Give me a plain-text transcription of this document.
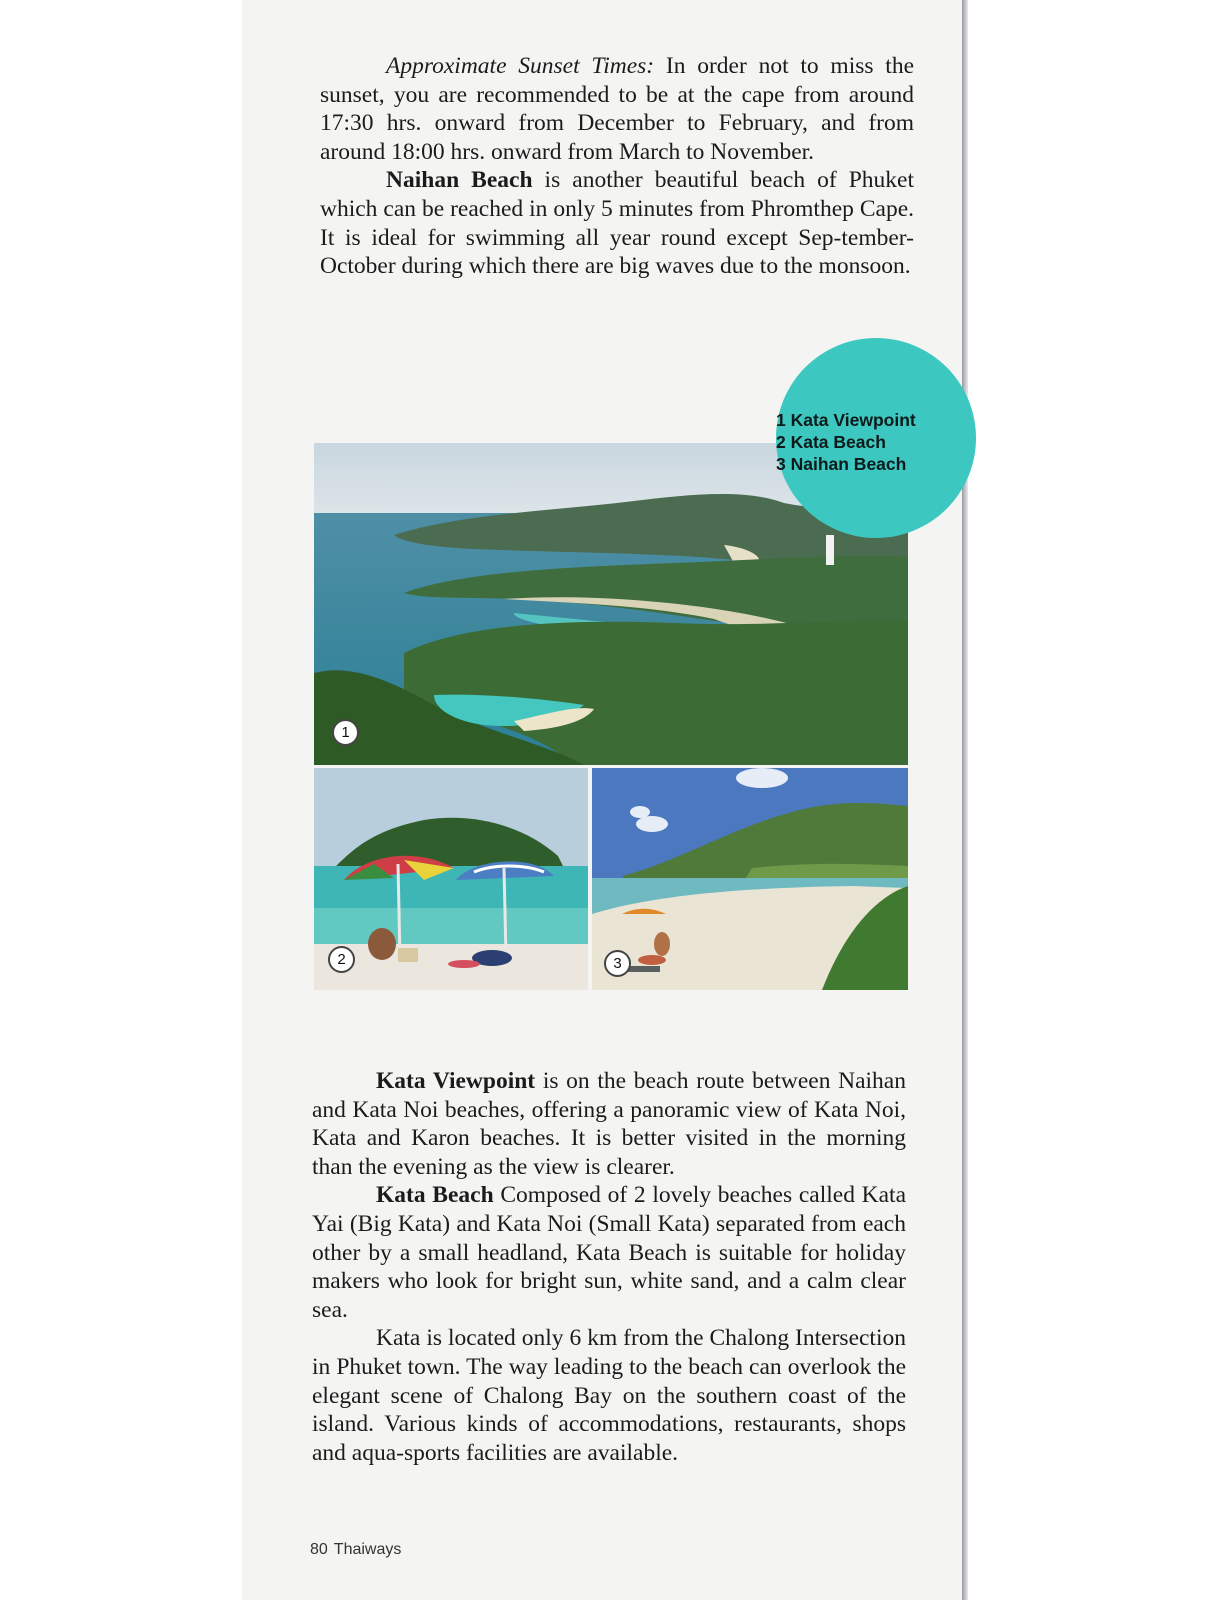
Approximate Sunset Times: In order not to miss the sunset, you are recommended to be at the cape from around 17:30 hrs. onward from December to February, and from around 18:00 hrs. onward from March to November.

Naihan Beach is another beautiful beach of Phuket which can be reached in only 5 minutes from Phromthep Cape. It is ideal for swimming all year round except Sep-tember-October during which there are big waves due to the monsoon.

2	3
1
1 Kata Viewpoint
2 Kata Beach
3 Naihan Beach

Kata Viewpoint is on the beach route between Naihan and Kata Noi beaches, offering a panoramic view of Kata Noi, Kata and Karon beaches. It is better visited in the morning than the evening as the view is clearer.

Kata Beach Composed of 2 lovely beaches called Kata Yai (Big Kata) and Kata Noi (Small Kata) separated from each other by a small headland, Kata Beach is suitable for holiday makers who look for bright sun, white sand, and a calm clear sea.

Kata is located only 6 km from the Chalong Intersection in Phuket town. The way leading to the beach can overlook the elegant scene of Chalong Bay on the southern coast of the island. Various kinds of accommodations, restaurants, shops and aqua-sports facilities are available.

80 Thaiways
